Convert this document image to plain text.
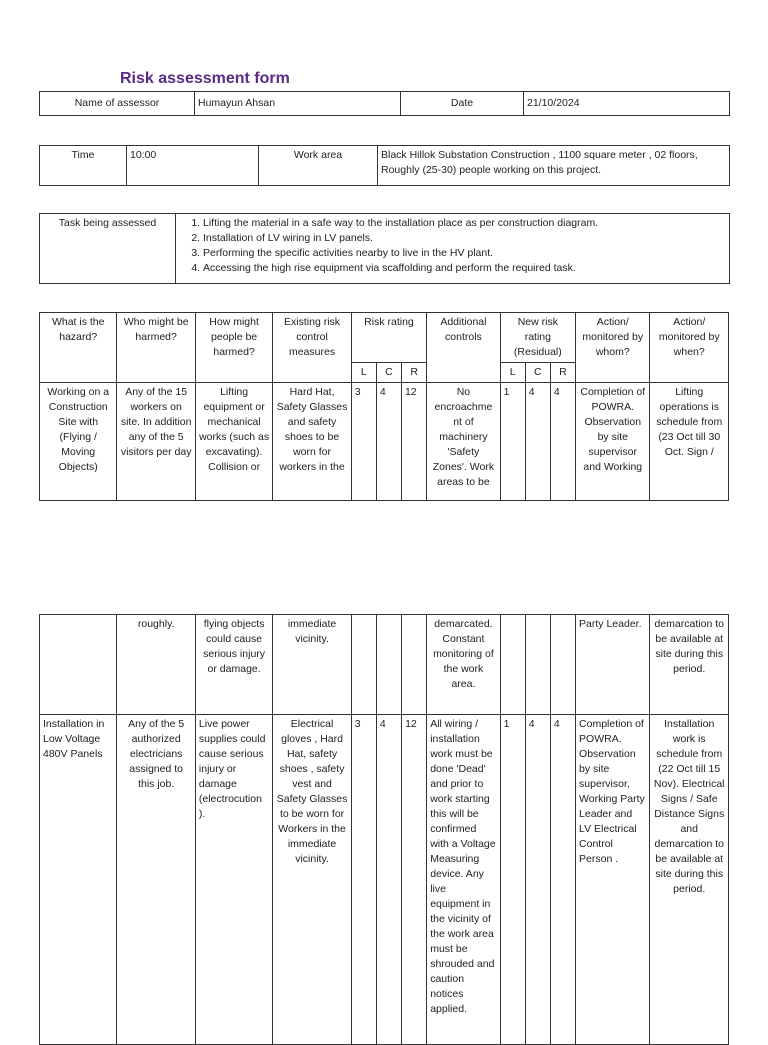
Risk assessment form
Name of assessor	Humayun Ahsan	Date	21/10/2024
Time	10:00	Work area	Black Hillok Substation Construction , 1100 square meter , 02 floors, Roughly (25-30) people working on this project.
Task being assessed	
1.Lifting the material in a safe way to the installation place as per construction diagram.
2. Installation of LV wiring in LV panels.
3. Performing the specific activities nearby to live in the HV plant.
4. Accessing the high rise equipment via scaffolding and perform the required task.
What is the hazard?	Who might be harmed?	How might people be harmed?	Existing risk control measures	Risk rating			Additional controls	New risk rating (Residual)			Action/ monitored by whom?	Action/ monitored by when?
				L	C	R		L	C	R		
Working on a Construction Site with (Flying / Moving Objects)	Any of the 15 workers on site. In addition any of the 5 visitors per day	Lifting equipment or mechanical works (such as excavating). Collision or	Hard Hat, Safety Glasses and safety shoes to be worn for workers in the	3	4	12	No encroachme nt of machinery 'Safety Zones'. Work areas to be	1	4	4	Completion of POWRA. Observation by site supervisor and Working	Lifting operations is schedule from (23 Oct till 30 Oct. Sign /
	roughly.	flying objects could cause serious injury or damage.	immediate vicinity.				demarcated. Constant monitoring of the work area.				Party Leader.	demarcation to be available at site during this period.
Installation in Low Voltage 480V Panels	Any of the 5 authorized electricians assigned to this job.	Live power supplies could cause serious injury or damage (electrocution ).	Electrical gloves , Hard Hat, safety shoes , safety vest and Safety Glasses to be worn for Workers in the immediate vicinity.	3	4	12	All wiring / installation work must be done 'Dead' and prior to work starting this will be confirmed with a Voltage Measuring device. Any live equipment in the vicinity of the work area must be shrouded and caution notices applied.	1	4	4	Completion of POWRA. Observation by site supervisor, Working Party Leader and LV Electrical Control Person .	Installation work is schedule from (22 Oct till 15 Nov). Electrical Signs / Safe Distance Signs and demarcation to be available at site during this period.
